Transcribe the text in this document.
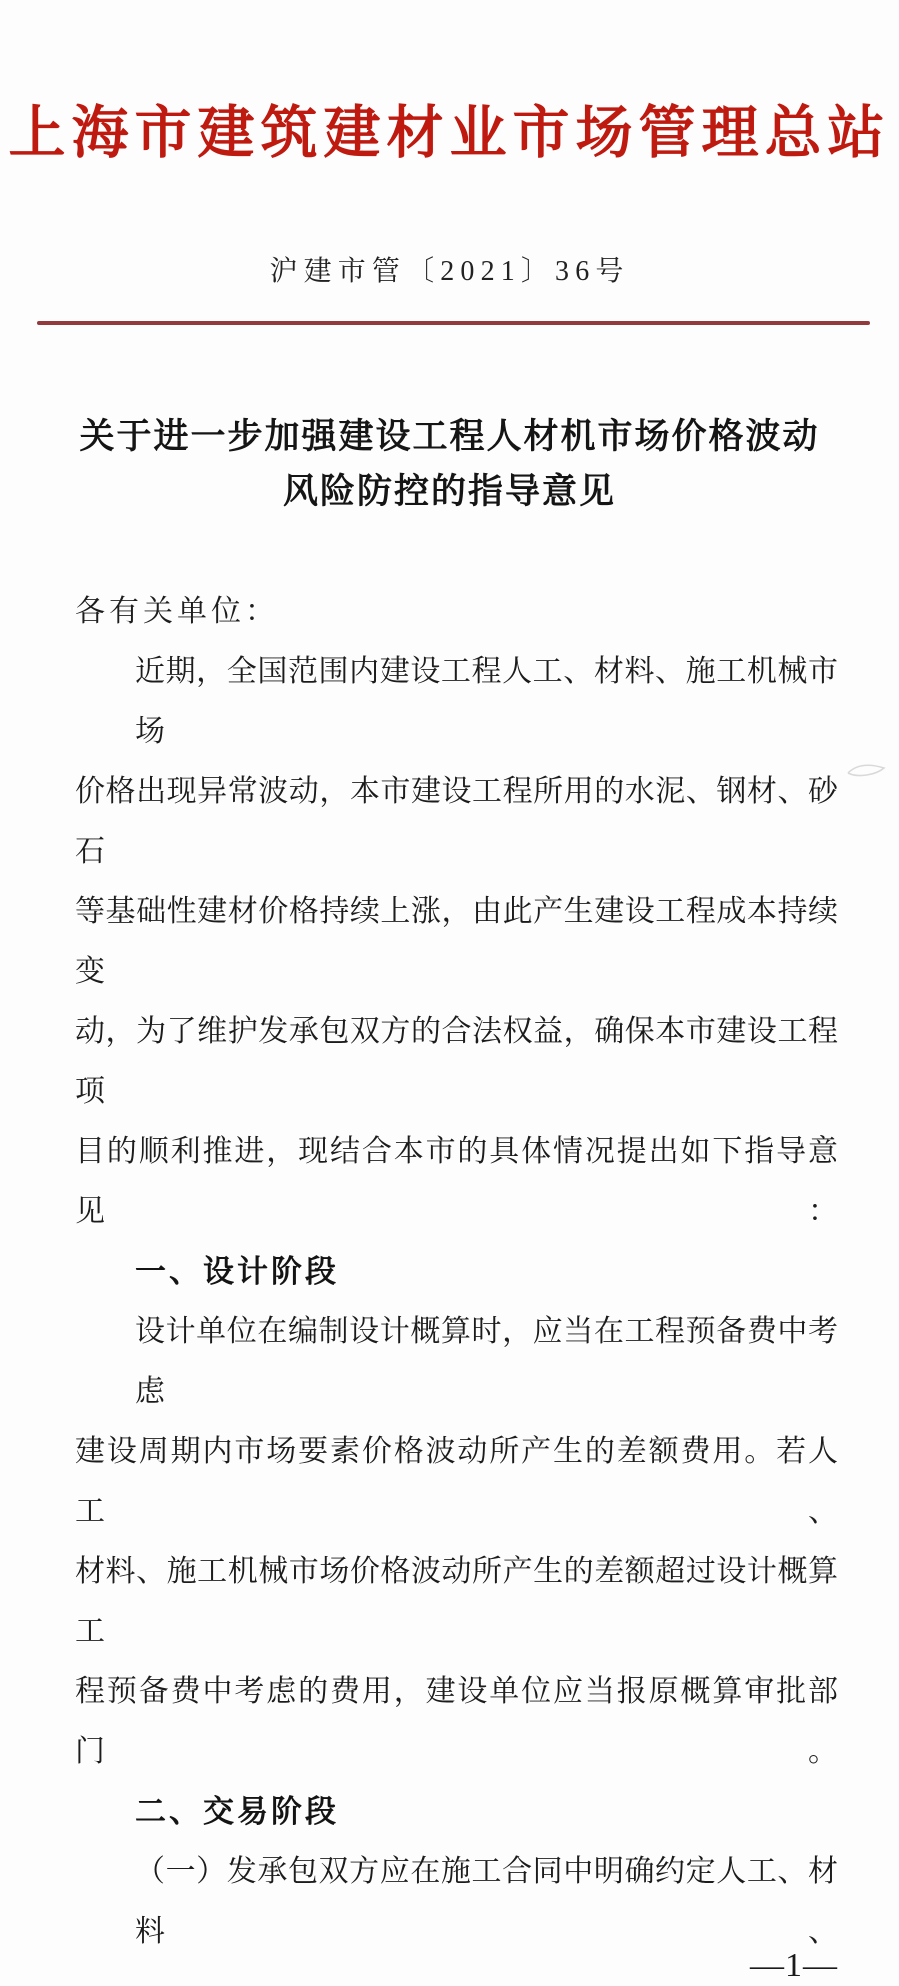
上海市建筑建材业市场管理总站
沪建市管〔2021〕36号
关于进一步加强建设工程人材机市场价格波动
风险防控的指导意见
各有关单位：
近期，全国范围内建设工程人工、材料、施工机械市场
价格出现异常波动，本市建设工程所用的水泥、钢材、砂石
等基础性建材价格持续上涨，由此产生建设工程成本持续变
动，为了维护发承包双方的合法权益，确保本市建设工程项
目的顺利推进，现结合本市的具体情况提出如下指导意见：
一、设计阶段
设计单位在编制设计概算时，应当在工程预备费中考虑
建设周期内市场要素价格波动所产生的差额费用。若人工、
材料、施工机械市场价格波动所产生的差额超过设计概算工
程预备费中考虑的费用，建设单位应当报原概算审批部门。
二、交易阶段
（一）发承包双方应在施工合同中明确约定人工、材料、
—1—
